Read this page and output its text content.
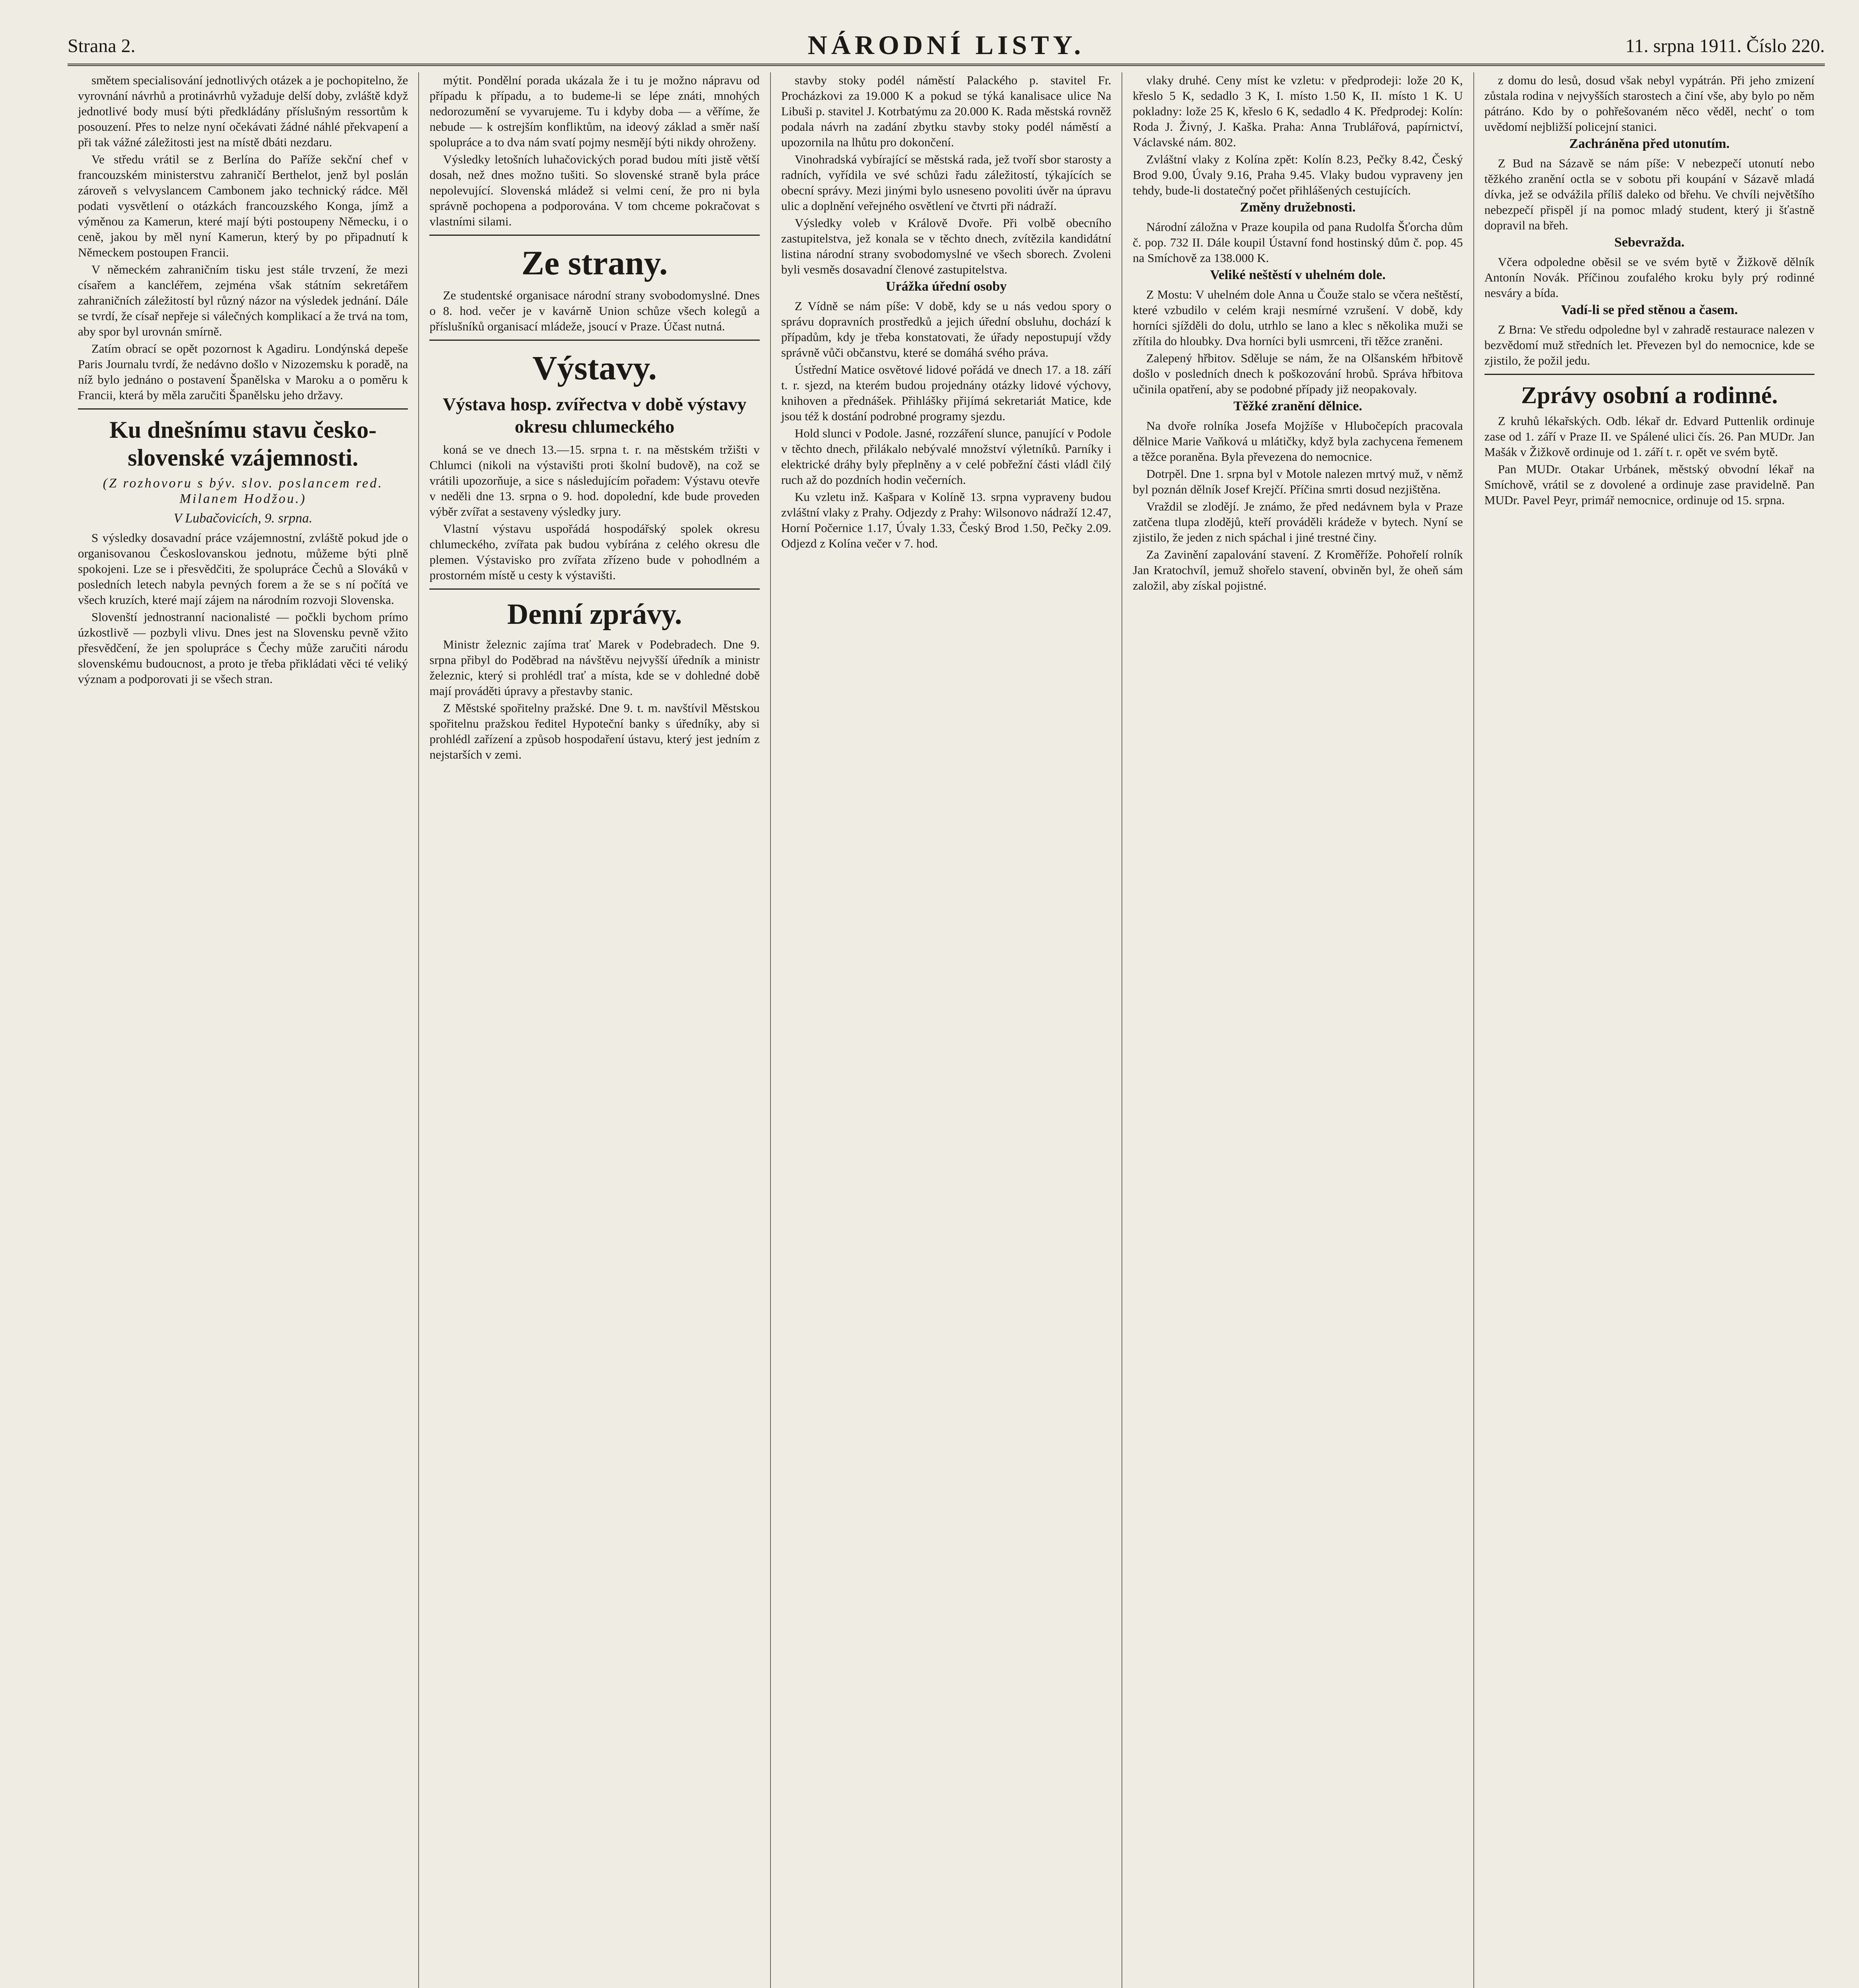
Strana 2.	NÁRODNÍ LISTY.	11. srpna 1911. Číslo 220.

smětem specialisování jednotlivých otázek a je pochopitelno, že vyrovnání návrhů a protinávrhů vyžaduje delší doby, zvláště když jednotlivé body musí býti předkládány příslušným ressortům k posouzení. Přes to nelze nyní očekávati žádné náhlé překvapení a při tak vážné záležitosti jest na místě dbáti nezdaru.

Ve středu vrátil se z Berlína do Paříže sekční chef v francouzském ministerstvu zahraničí Berthelot, jenž byl poslán zároveň s velvyslancem Cambonem jako technický rádce. Měl podati vysvětlení o otázkách francouzského Konga, jímž a výměnou za Kamerun, které mají býti postoupeny Německu, i o ceně, jakou by měl nyní Kamerun, který by po připadnutí k Německem postoupen Francii.

V německém zahraničním tisku jest stále trvzení, že mezi císařem a kancléřem, zejména však státním sekretářem zahraničních záležitostí byl různý názor na výsledek jednání. Dále se tvrdí, že císař nepřeje si válečných komplikací a že trvá na tom, aby spor byl urovnán smírně.

Zatím obrací se opět pozornost k Agadiru. Londýnská depeše Paris Journalu tvrdí, že nedávno došlo v Nizozemsku k poradě, na níž bylo jednáno o postavení Španělska v Maroku a o poměru k Francii, která by měla zaručiti Španělsku jeho državy.

Ku dnešnímu stavu česko-slovenské vzájemnosti.
(Z rozhovoru s býv. slov. poslancem red. Milanem Hodžou.)
V Lubačovicích, 9. srpna.

S výsledky dosavadní práce vzájemnostní, zvláště pokud jde o organisovanou Českoslovanskou jednotu, můžeme býti plně spokojeni. Lze se i přesvědčiti, že spolupráce Čechů a Slováků v posledních letech nabyla pevných forem a že se s ní počítá ve všech kruzích, které mají zájem na národním rozvoji Slovenska.

Slovenští jednostranní nacionalisté — počkli bychom prímo úzkostlivě — pozbyli vlivu. Dnes jest na Slovensku pevně vžito přesvědčení, že jen spolupráce s Čechy může zaručiti národu slovenskému budoucnost, a proto je třeba přikládati věci té veliký význam a podporovati ji se všech stran.

mýtit. Pondělní porada ukázala že i tu je možno nápravu od případu k případu, a to budeme-li se lépe znáti, mnohých nedorozumění se vyvarujeme. Tu i kdyby doba — a věříme, že nebude — k ostrejším konfliktům, na ideový základ a směr naší spolupráce a to dva nám svatí pojmy nesmějí býti nikdy ohroženy.

Výsledky letošních luhačovických porad budou míti jistě větší dosah, než dnes možno tušiti. So slovenské straně byla práce nepolevující. Slovenská mládež si velmi cení, že pro ni byla správně pochopena a podporována. V tom chceme pokračovat s vlastními silami.

Ze strany.

Ze studentské organisace národní strany svobodomyslné. Dnes o 8. hod. večer je v kavárně Union schůze všech kolegů a příslušníků organisací mládeže, jsoucí v Praze. Účast nutná.

Výstavy.
Výstava hosp. zvířectva v době výstavy okresu chlumeckého

koná se ve dnech 13.—15. srpna t. r. na městském tržišti v Chlumci (nikoli na výstavišti proti školní budově), na což se vrátili upozorňuje, a sice s následujícím pořadem: Výstavu otevře v neděli dne 13. srpna o 9. hod. dopolední, kde bude proveden výběr zvířat a sestaveny výsledky jury.

Vlastní výstavu uspořádá hospodářský spolek okresu chlumeckého, zvířata pak budou vybírána z celého okresu dle plemen. Výstavisko pro zvířata zřízeno bude v pohodlném a prostorném místě u cesty k výstavišti.

Denní zprávy.

Ministr železnic zajíma trať Marek v Podebradech. Dne 9. srpna přibyl do Poděbrad na návštěvu nejvyšší úředník a ministr železnic, který si prohlédl trať a místa, kde se v dohledné době mají prováděti úpravy a přestavby stanic.

Z Městské spořitelny pražské. Dne 9. t. m. navštívil Městskou spořitelnu pražskou ředitel Hypoteční banky s úředníky, aby si prohlédl zařízení a způsob hospodaření ústavu, který jest jedním z nejstarších v zemi.

stavby stoky podél náměstí Palackého p. stavitel Fr. Procházkovi za 19.000 K a pokud se týká kanalisace ulice Na Libuši p. stavitel J. Kotrbatýmu za 20.000 K. Rada městská rovněž podala návrh na zadání zbytku stavby stoky podél náměstí a upozornila na lhůtu pro dokončení.

Vinohradská vybírající se městská rada, jež tvoří sbor starosty a radních, vyřídila ve své schůzi řadu záležitostí, týkajících se obecní správy. Mezi jinými bylo usneseno povoliti úvěr na úpravu ulic a doplnění veřejného osvětlení ve čtvrti při nádraží.

Výsledky voleb v Králově Dvoře. Při volbě obecního zastupitelstva, jež konala se v těchto dnech, zvítězila kandidátní listina národní strany svobodomyslné ve všech sborech. Zvoleni byli vesměs dosavadní členové zastupitelstva.

Urážka úřední osoby

Z Vídně se nám píše: V době, kdy se u nás vedou spory o správu dopravních prostředků a jejich úřední obsluhu, dochází k případům, kdy je třeba konstatovati, že úřady nepostupují vždy správně vůči občanstvu, které se domáhá svého práva.

Ústřední Matice osvětové lidové pořádá ve dnech 17. a 18. září t. r. sjezd, na kterém budou projednány otázky lidové výchovy, knihoven a přednášek. Přihlášky přijímá sekretariát Matice, kde jsou též k dostání podrobné programy sjezdu.

Hold slunci v Podole. Jasné, rozzáření slunce, panující v Podole v těchto dnech, přilákalo nebývalé množství výletníků. Parníky i elektrické dráhy byly přeplněny a v celé pobřežní části vládl čilý ruch až do pozdních hodin večerních.

Ku vzletu inž. Kašpara v Kolíně 13. srpna vypraveny budou zvláštní vlaky z Prahy. Odjezdy z Prahy: Wilsonovo nádraží 12.47, Horní Počernice 1.17, Úvaly 1.33, Český Brod 1.50, Pečky 2.09. Odjezd z Kolína večer v 7. hod.

vlaky druhé. Ceny míst ke vzletu: v předprodeji: lože 20 K, křeslo 5 K, sedadlo 3 K, I. místo 1.50 K, II. místo 1 K. U pokladny: lože 25 K, křeslo 6 K, sedadlo 4 K. Předprodej: Kolín: Roda J. Živný, J. Kaška. Praha: Anna Trublářová, papírnictví, Václavské nám. 802.

Zvláštní vlaky z Kolína zpět: Kolín 8.23, Pečky 8.42, Český Brod 9.00, Úvaly 9.16, Praha 9.45. Vlaky budou vypraveny jen tehdy, bude-li dostatečný počet přihlášených cestujících.

Změny družebnosti.

Národní záložna v Praze koupila od pana Rudolfa Šťorcha dům č. pop. 732 II. Dále koupil Ústavní fond hostinský dům č. pop. 45 na Smíchově za 138.000 K.

Veliké neštěstí v uhelném dole.

Z Mostu: V uhelném dole Anna u Čouže stalo se včera neštěstí, které vzbudilo v celém kraji nesmírné vzrušení. V době, kdy horníci sjížděli do dolu, utrhlo se lano a klec s několika muži se zřítila do hloubky. Dva horníci byli usmrceni, tři těžce zraněni.

Zalepený hřbitov. Sděluje se nám, že na Olšanském hřbitově došlo v posledních dnech k poškozování hrobů. Správa hřbitova učinila opatření, aby se podobné případy již neopakovaly.

Těžké zranění dělnice.

Na dvoře rolníka Josefa Mojžíše v Hlubočepích pracovala dělnice Marie Vaňková u mlátičky, když byla zachycena řemenem a těžce poraněna. Byla převezena do nemocnice.

Dotrpěl. Dne 1. srpna byl v Motole nalezen mrtvý muž, v němž byl poznán dělník Josef Krejčí. Příčina smrti dosud nezjištěna.

Vraždil se zlodějí. Je známo, že před nedávnem byla v Praze zatčena tlupa zlodějů, kteří prováděli krádeže v bytech. Nyní se zjistilo, že jeden z nich spáchal i jiné trestné činy.

Za Zavinění zapalování stavení. Z Kroměříže. Pohořelí rolník Jan Kratochvíl, jemuž shořelo stavení, obviněn byl, že oheň sám založil, aby získal pojistné.

z domu do lesů, dosud však nebyl vypátrán. Při jeho zmizení zůstala rodina v nejvyšších starostech a činí vše, aby bylo po něm pátráno. Kdo by o pohřešovaném něco věděl, nechť o tom uvědomí nejbližší policejní stanici.

Zachráněna před utonutím.

Z Bud na Sázavě se nám píše: V nebezpečí utonutí nebo těžkého zranění octla se v sobotu při koupání v Sázavě mladá dívka, jež se odvážila příliš daleko od břehu. Ve chvíli největšího nebezpečí přispěl jí na pomoc mladý student, který ji šťastně dopravil na břeh.

Sebevražda.

Včera odpoledne oběsil se ve svém bytě v Žižkově dělník Antonín Novák. Příčinou zoufalého kroku byly prý rodinné nesváry a bída.

Vadí-li se před stěnou a časem.

Z Brna: Ve středu odpoledne byl v zahradě restaurace nalezen v bezvědomí muž středních let. Převezen byl do nemocnice, kde se zjistilo, že požil jedu.

Zprávy osobní a rodinné.

Z kruhů lékařských. Odb. lékař dr. Edvard Puttenlik ordinuje zase od 1. září v Praze II. ve Spálené ulici čís. 26. Pan MUDr. Jan Mašák v Žižkově ordinuje od 1. září t. r. opět ve svém bytě.

Pan MUDr. Otakar Urbánek, městský obvodní lékař na Smíchově, vrátil se z dovolené a ordinuje zase pravidelně. Pan MUDr. Pavel Peyr, primář nemocnice, ordinuje od 15. srpna.
